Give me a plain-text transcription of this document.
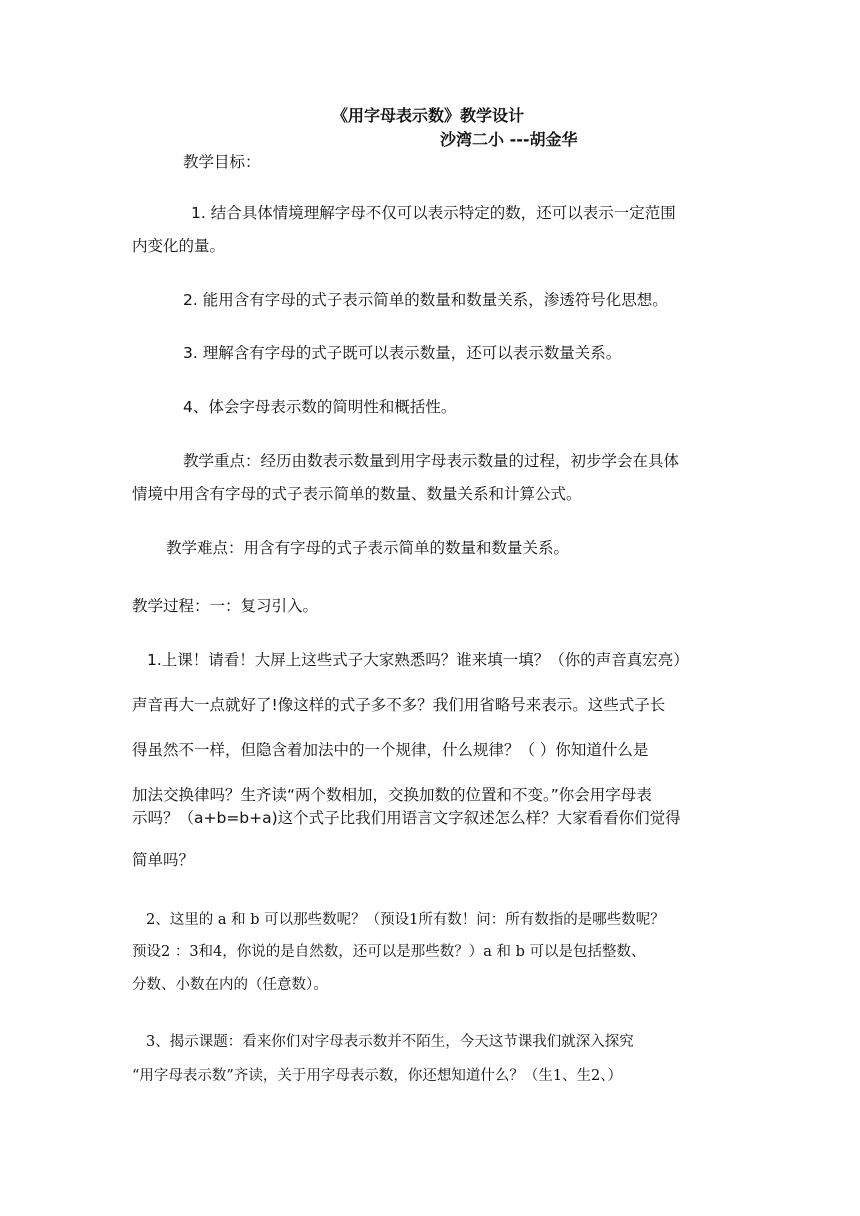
《用字母表示数》教学设计
沙湾二小 ---胡金华
教学目标：
1. 结合具体情境理解字母不仅可以表示特定的数，还可以表示一定范围
内变化的量。
2. 能用含有字母的式子表示简单的数量和数量关系，渗透符号化思想。
3. 理解含有字母的式子既可以表示数量，还可以表示数量关系。
4、体会字母表示数的简明性和概括性。
教学重点：经历由数表示数量到用字母表示数量的过程，初步学会在具体
情境中用含有字母的式子表示简单的数量、数量关系和计算公式。
教学难点：用含有字母的式子表示简单的数量和数量关系。
教学过程：一：复习引入。
1.上课！请看！大屏上这些式子大家熟悉吗？谁来填一填？（你的声音真宏亮）
声音再大一点就好了!像这样的式子多不多？我们用省略号来表示。这些式子长
得虽然不一样，但隐含着加法中的一个规律，什么规律？（ ）你知道什么是
加法交换律吗？生齐读“两个数相加，交换加数的位置和不变。”你会用字母表
示吗？（a+b=b+a)这个式子比我们用语言文字叙述怎么样？大家看看你们觉得
简单吗？
2、这里的 a 和 b 可以那些数呢？（预设1所有数！问：所有数指的是哪些数呢？
预设2 ：3和4，你说的是自然数，还可以是那些数？）a 和 b 可以是包括整数、
分数、小数在内的（任意数）。
3、揭示课题：看来你们对字母表示数并不陌生，今天这节课我们就深入探究
“用字母表示数”齐读，关于用字母表示数，你还想知道什么？（生1、生2、）
